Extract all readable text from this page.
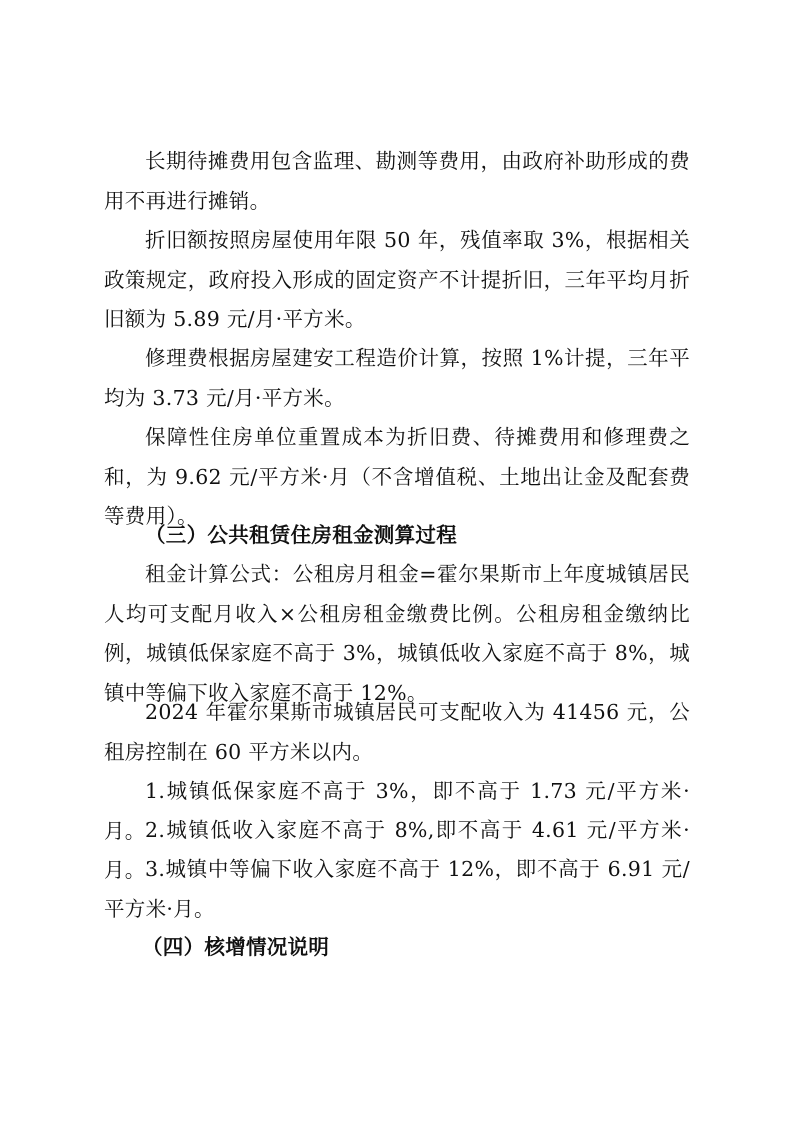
长期待摊费用包含监理、勘测等费用，由政府补助形成的费用不再进行摊销。

折旧额按照房屋使用年限 50 年，残值率取 3%，根据相关政策规定，政府投入形成的固定资产不计提折旧，三年平均月折旧额为 5.89 元/月·平方米。

修理费根据房屋建安工程造价计算，按照 1%计提，三年平均为 3.73 元/月·平方米。

保障性住房单位重置成本为折旧费、待摊费用和修理费之和，为 9.62 元/平方米·月（不含增值税、土地出让金及配套费等费用）。

（三）公共租赁住房租金测算过程

租金计算公式：公租房月租金=霍尔果斯市上年度城镇居民人均可支配月收入×公租房租金缴费比例。公租房租金缴纳比例，城镇低保家庭不高于 3%，城镇低收入家庭不高于 8%，城镇中等偏下收入家庭不高于 12%。

2024 年霍尔果斯市城镇居民可支配收入为 41456 元，公租房控制在 60 平方米以内。

1.城镇低保家庭不高于 3%，即不高于 1.73 元/平方米·月。 2.城镇低收入家庭不高于 8%,即不高于 4.61 元/平方米·月。 3.城镇中等偏下收入家庭不高于 12%，即不高于 6.91 元/平方米·月。

（四）核增情况说明
